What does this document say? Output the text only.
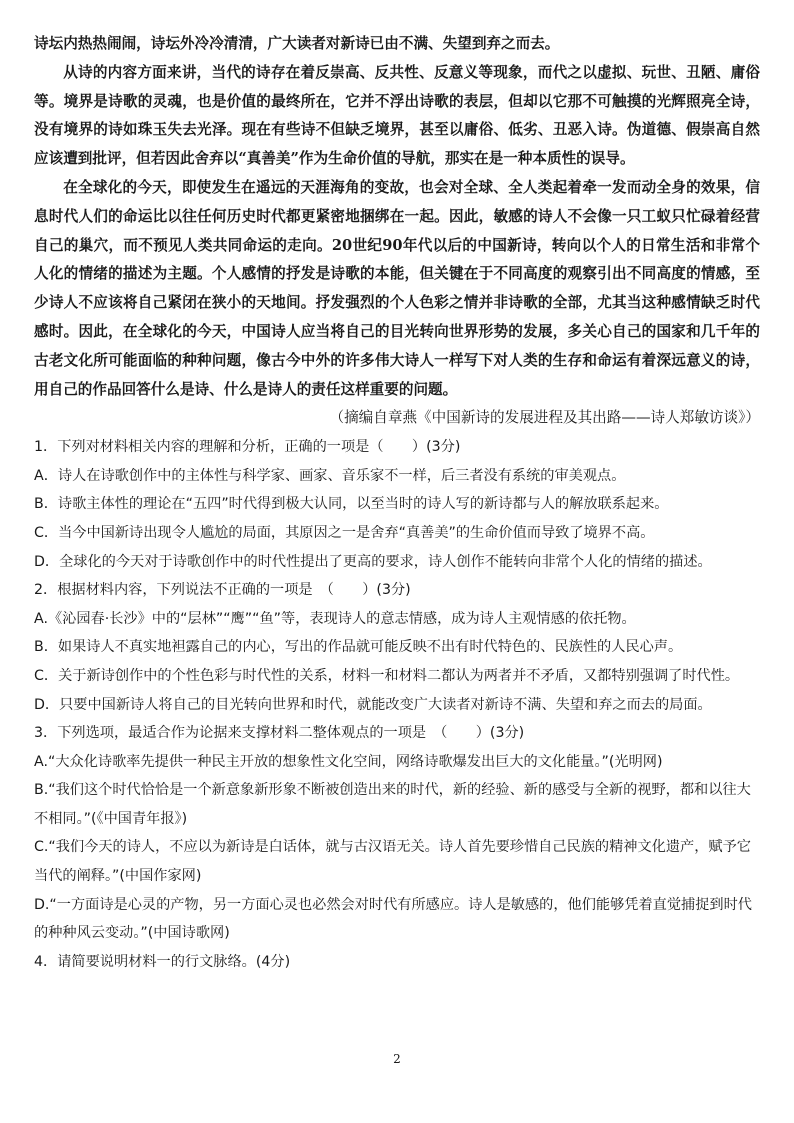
诗坛内热热闹闹，诗坛外冷冷清清，广大读者对新诗已由不满、失望到弃之而去。

从诗的内容方面来讲，当代的诗存在着反崇高、反共性、反意义等现象，而代之以虚拟、玩世、丑陋、庸俗等。境界是诗歌的灵魂，也是价值的最终所在，它并不浮出诗歌的表层，但却以它那不可触摸的光辉照亮全诗，没有境界的诗如珠玉失去光泽。现在有些诗不但缺乏境界，甚至以庸俗、低劣、丑恶入诗。伪道德、假崇高自然应该遭到批评，但若因此舍弃以“真善美”作为生命价值的导航，那实在是一种本质性的误导。

在全球化的今天，即使发生在遥远的天涯海角的变故，也会对全球、全人类起着牵一发而动全身的效果，信息时代人们的命运比以往任何历史时代都更紧密地捆绑在一起。因此，敏感的诗人不会像一只工蚁只忙碌着经营自己的巢穴，而不预见人类共同命运的走向。20世纪90年代以后的中国新诗，转向以个人的日常生活和非常个人化的情绪的描述为主题。个人感情的抒发是诗歌的本能，但关键在于不同高度的观察引出不同高度的情感，至少诗人不应该将自己紧闭在狭小的天地间。抒发强烈的个人色彩之情并非诗歌的全部，尤其当这种感情缺乏时代感时。因此，在全球化的今天，中国诗人应当将自己的目光转向世界形势的发展，多关心自己的国家和几千年的古老文化所可能面临的种种问题，像古今中外的许多伟大诗人一样写下对人类的生存和命运有着深远意义的诗，用自己的作品回答什么是诗、什么是诗人的责任这样重要的问题。

（摘编自章燕《中国新诗的发展进程及其出路——诗人郑敏访谈》）
1．下列对材料相关内容的理解和分析，正确的一项是（　　）(3分)
A．诗人在诗歌创作中的主体性与科学家、画家、音乐家不一样，后三者没有系统的审美观点。
B．诗歌主体性的理论在“五四”时代得到极大认同，以至当时的诗人写的新诗都与人的解放联系起来。
C．当今中国新诗出现令人尴尬的局面，其原因之一是舍弃“真善美”的生命价值而导致了境界不高。
D．全球化的今天对于诗歌创作中的时代性提出了更高的要求，诗人创作不能转向非常个人化的情绪的描述。
2．根据材料内容，下列说法不正确的一项是　（　　）(3分)
A.《沁园春·长沙》中的“层林”“鹰”“鱼”等，表现诗人的意志情感，成为诗人主观情感的依托物。
B．如果诗人不真实地袒露自己的内心，写出的作品就可能反映不出有时代特色的、民族性的人民心声。
C．关于新诗创作中的个性色彩与时代性的关系，材料一和材料二都认为两者并不矛盾，又都特别强调了时代性。
D．只要中国新诗人将自己的目光转向世界和时代，就能改变广大读者对新诗不满、失望和弃之而去的局面。
3．下列选项，最适合作为论据来支撑材料二整体观点的一项是　（　　）(3分)
A.“大众化诗歌率先提供一种民主开放的想象性文化空间，网络诗歌爆发出巨大的文化能量。”(光明网)
B.“我们这个时代恰恰是一个新意象新形象不断被创造出来的时代，新的经验、新的感受与全新的视野，都和以往大不相同。”(《中国青年报》)
C.“我们今天的诗人，不应以为新诗是白话体，就与古汉语无关。诗人首先要珍惜自己民族的精神文化遗产，赋予它当代的阐释。”(中国作家网)
D.“一方面诗是心灵的产物，另一方面心灵也必然会对时代有所感应。诗人是敏感的，他们能够凭着直觉捕捉到时代的种种风云变动。”(中国诗歌网)
4．请简要说明材料一的行文脉络。(4分)
2
